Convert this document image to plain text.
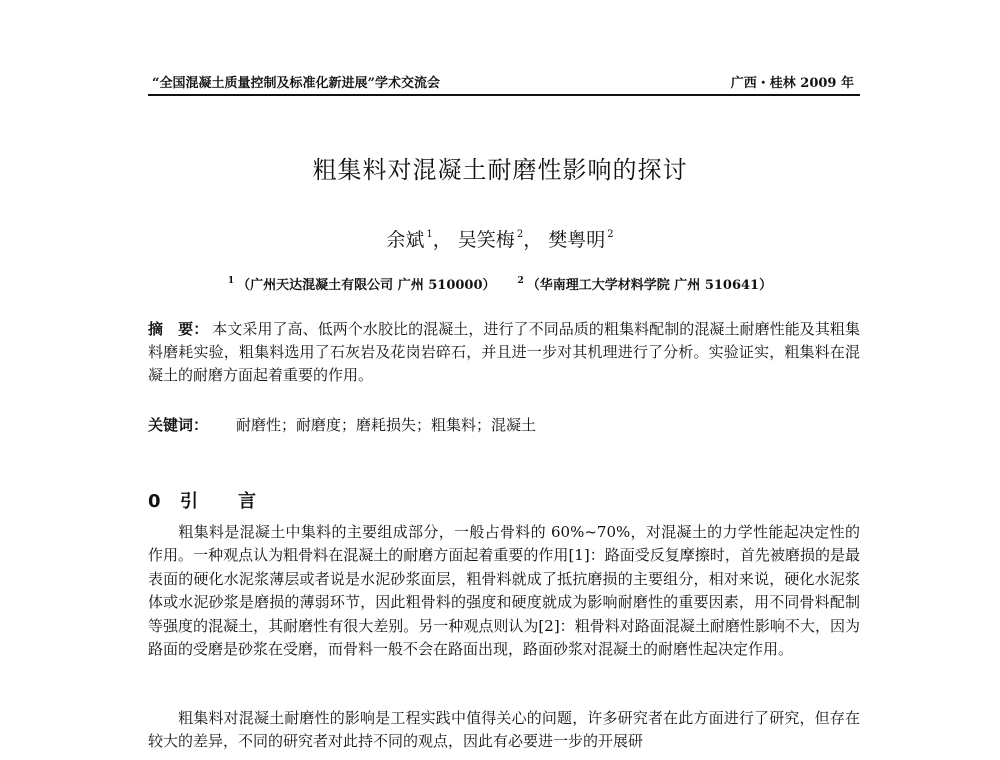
“全国混凝土质量控制及标准化新进展”学术交流会	广西・桂林 2009 年
粗集料对混凝土耐磨性影响的探讨
余斌 $^1$， 吴笑梅 $^2$， 樊粤明 $^2$
$^1$ （广州天达混凝土有限公司 广州 510000） $^2$ （华南理工大学材料学院 广州 510641）
摘　要： 本文采用了高、低两个水胶比的混凝土，进行了不同品质的粗集料配制的混凝土耐磨性能及其粗集料磨耗实验，粗集料选用了石灰岩及花岗岩碎石，并且进一步对其机理进行了分析。实验证实，粗集料在混凝土的耐磨方面起着重要的作用。
关键词： 耐磨性；耐磨度；磨耗损失；粗集料；混凝土
0 引 言
粗集料是混凝土中集料的主要组成部分，一般占骨料的 60%~70%，对混凝土的力学性能起决定性的作用。一种观点认为粗骨料在混凝土的耐磨方面起着重要的作用[1]：路面受反复摩擦时，首先被磨损的是最表面的硬化水泥浆薄层或者说是水泥砂浆面层，粗骨料就成了抵抗磨损的主要组分，相对来说，硬化水泥浆体或水泥砂浆是磨损的薄弱环节，因此粗骨料的强度和硬度就成为影响耐磨性的重要因素，用不同骨料配制等强度的混凝土，其耐磨性有很大差别。另一种观点则认为[2]：粗骨料对路面混凝土耐磨性影响不大，因为路面的受磨是砂浆在受磨，而骨料一般不会在路面出现，路面砂浆对混凝土的耐磨性起决定作用。
粗集料对混凝土耐磨性的影响是工程实践中值得关心的问题，许多研究者在此方面进行了研究，但存在较大的差异，不同的研究者对此持不同的观点，因此有必要进一步的开展研
